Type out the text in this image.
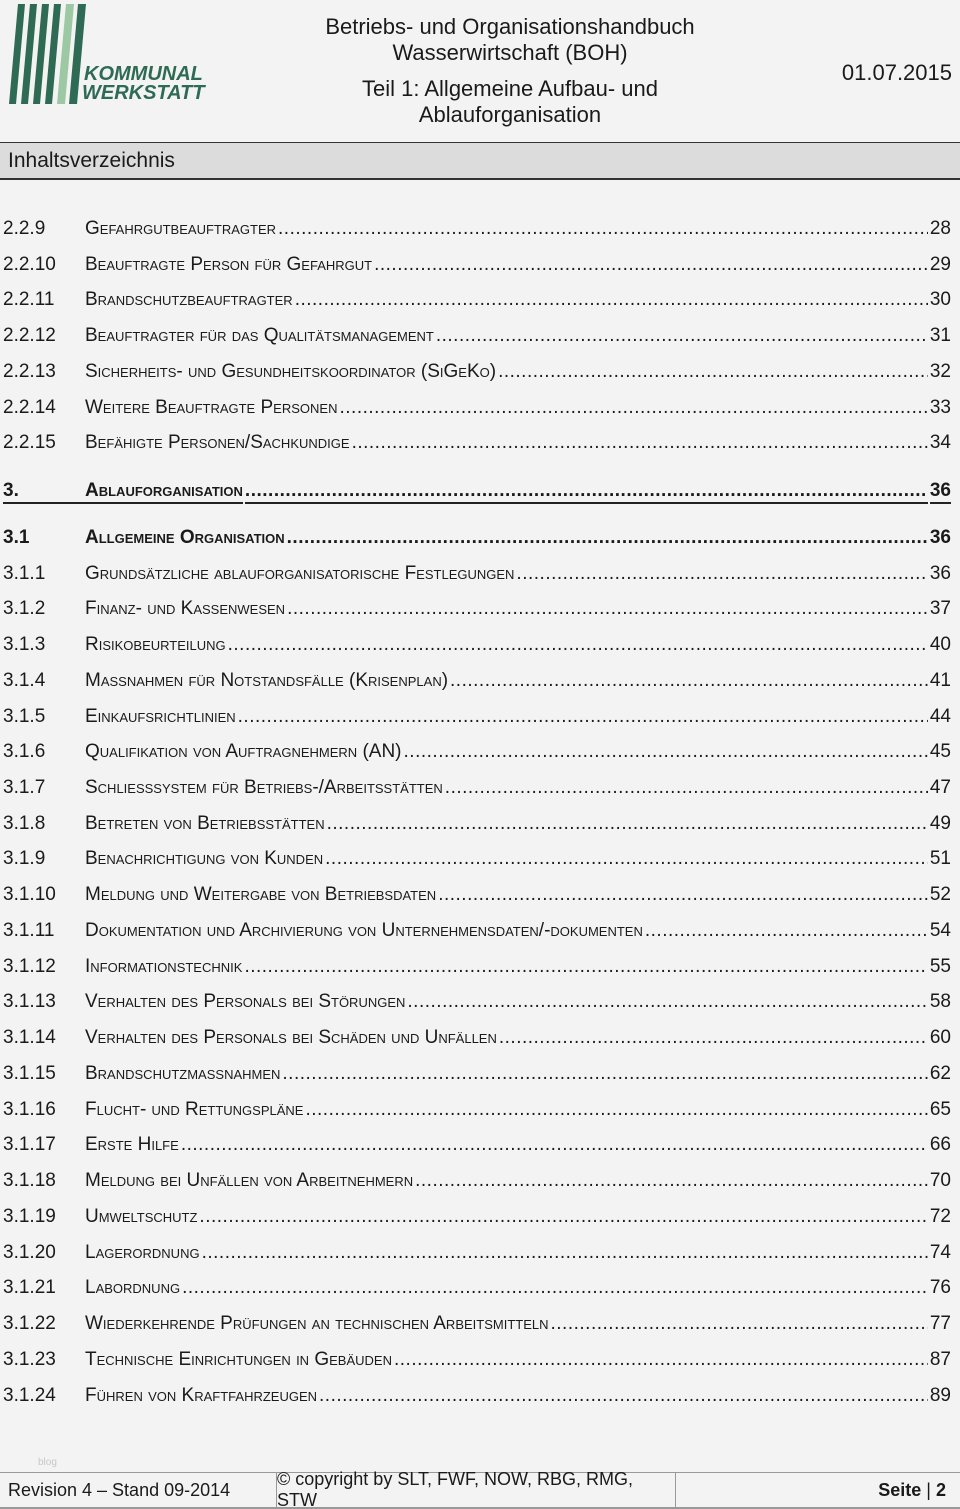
KOMMUNAL
WERKSTATT
Betriebs- und Organisationshandbuch
Wasserwirtschaft (BOH)
Teil 1: Allgemeine Aufbau- und
Ablauforganisation
01.07.2015
Inhaltsverzeichnis
2.2.9	Gefahrgutbeauftragter .....	28
2.2.10	Beauftragte Person für Gefahrgut .....	29
2.2.11	Brandschutzbeauftragter .....	30
2.2.12	Beauftragter für das Qualitätsmanagement .....	31
2.2.13	Sicherheits- und Gesundheitskoordinator (SiGeKo) .....	32
2.2.14	Weitere Beauftragte Personen .....	33
2.2.15	Befähigte Personen/Sachkundige .....	34
3.	Ablauforganisation .....	36
3.1	Allgemeine Organisation .....	36
3.1.1	Grundsätzliche ablauforganisatorische Festlegungen .....	36
3.1.2	Finanz- und Kassenwesen .....	37
3.1.3	Risikobeurteilung .....	40
3.1.4	Maßnahmen für Notstandsfälle (Krisenplan) .....	41
3.1.5	Einkaufsrichtlinien .....	44
3.1.6	Qualifikation von Auftragnehmern (AN) .....	45
3.1.7	Schließsystem für Betriebs-/Arbeitsstätten .....	47
3.1.8	Betreten von Betriebsstätten .....	49
3.1.9	Benachrichtigung von Kunden .....	51
3.1.10	Meldung und Weitergabe von Betriebsdaten .....	52
3.1.11	Dokumentation und Archivierung von Unternehmensdaten/-dokumenten .....	54
3.1.12	Informationstechnik .....	55
3.1.13	Verhalten des Personals bei Störungen .....	58
3.1.14	Verhalten des Personals bei Schäden und Unfällen .....	60
3.1.15	Brandschutzmaßnahmen .....	62
3.1.16	Flucht- und Rettungspläne .....	65
3.1.17	Erste Hilfe .....	66
3.1.18	Meldung bei Unfällen von Arbeitnehmern .....	70
3.1.19	Umweltschutz .....	72
3.1.20	Lagerordnung .....	74
3.1.21	Labordnung .....	76
3.1.22	Wiederkehrende Prüfungen an technischen Arbeitsmitteln .....	77
3.1.23	Technische Einrichtungen in Gebäuden .....	87
3.1.24	Führen von Kraftfahrzeugen .....	89
blog
Revision 4 – Stand 09-2014
© copyright by SLT, FWF, NOW, RBG, RMG, STW
Seite | 2
